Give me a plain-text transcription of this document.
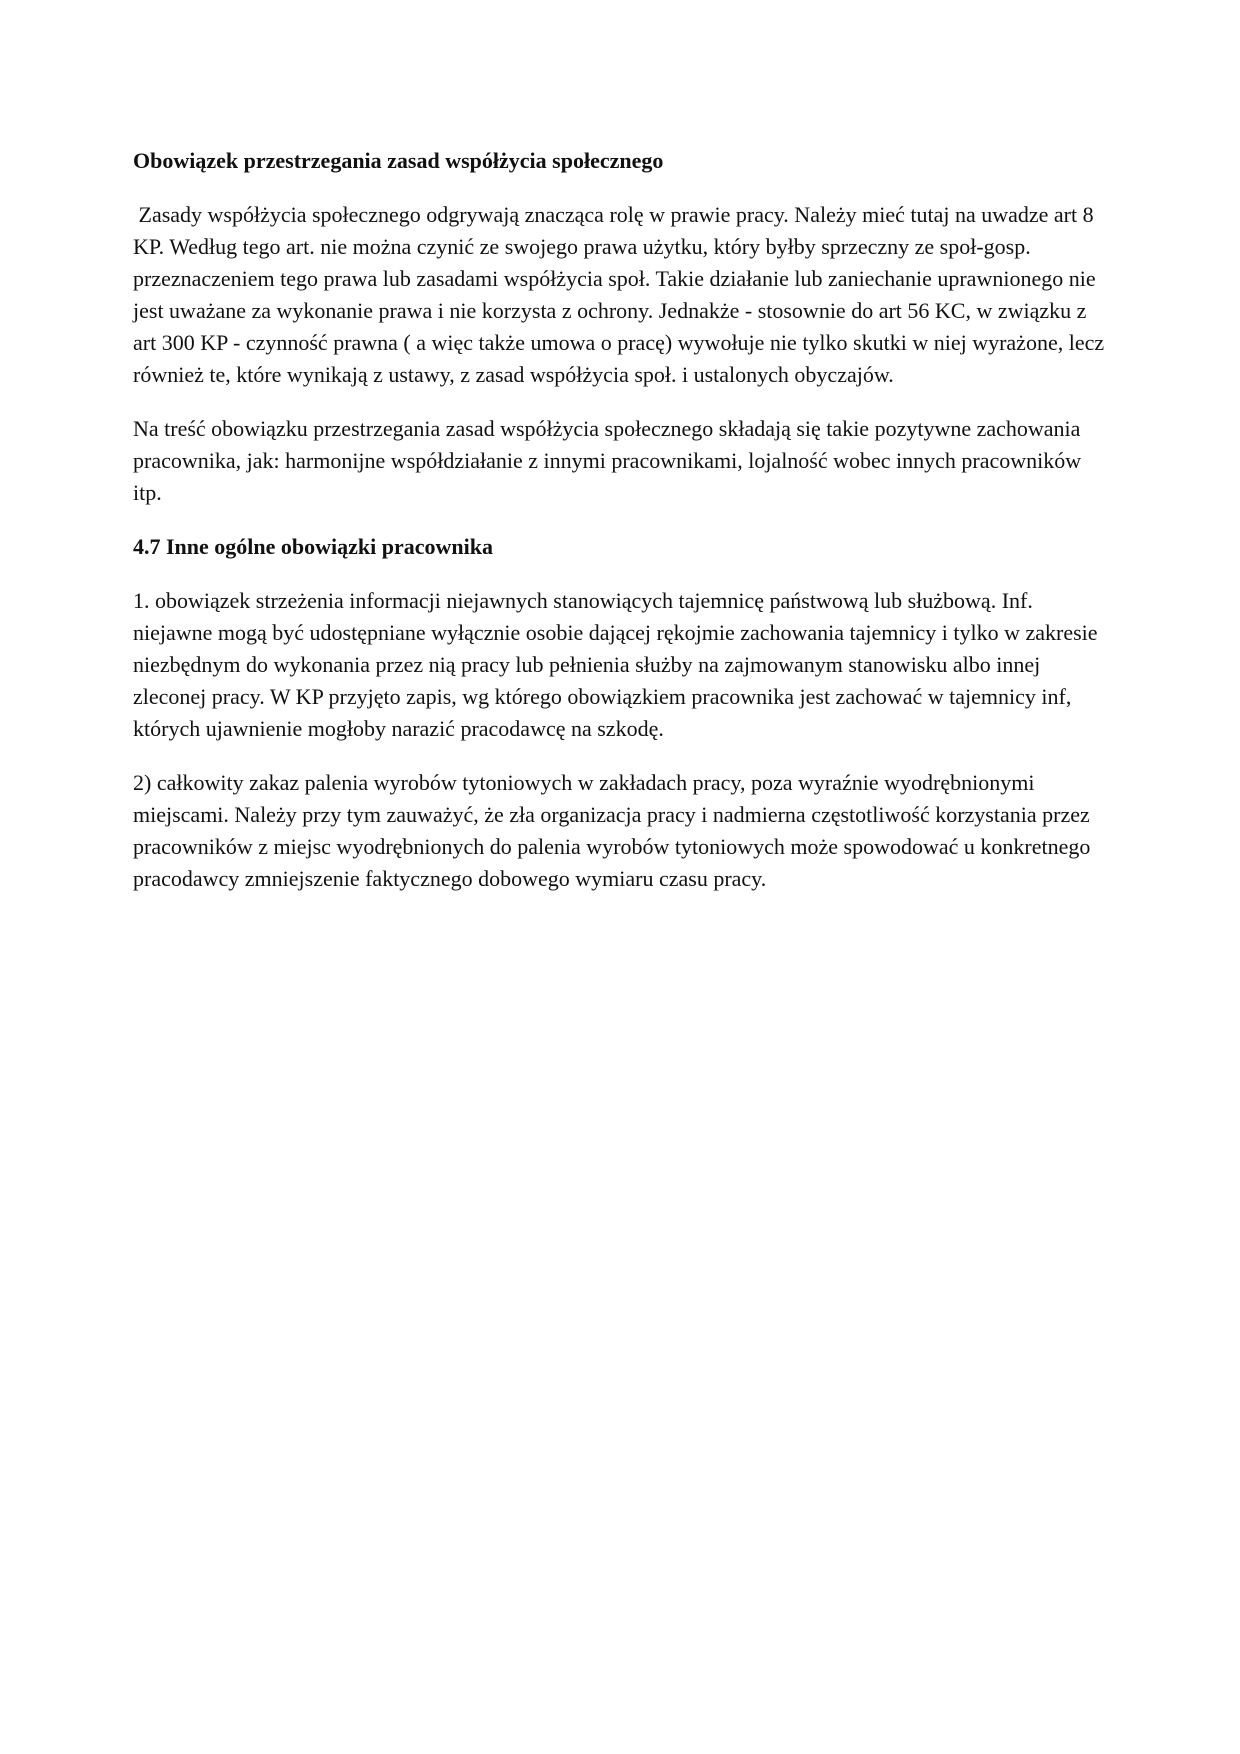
Obowiązek przestrzegania zasad współżycia społecznego

Zasady współżycia społecznego odgrywają znacząca rolę w prawie pracy. Należy mieć tutaj na uwadze art 8 KP. Według tego art. nie można czynić ze swojego prawa użytku, który byłby sprzeczny ze społ-gosp. przeznaczeniem tego prawa lub zasadami współżycia społ. Takie działanie lub zaniechanie uprawnionego nie jest uważane za wykonanie prawa i nie korzysta z ochrony. Jednakże - stosownie do art 56 KC, w związku z art 300 KP - czynność prawna ( a więc także umowa o pracę) wywołuje nie tylko skutki w niej wyrażone, lecz również te, które wynikają z ustawy, z zasad współżycia społ. i ustalonych obyczajów.

Na treść obowiązku przestrzegania zasad współżycia społecznego składają się takie pozytywne zachowania pracownika, jak: harmonijne współdziałanie z innymi pracownikami, lojalność wobec innych pracowników itp.

4.7 Inne ogólne obowiązki pracownika

1. obowiązek strzeżenia informacji niejawnych stanowiących tajemnicę państwową lub służbową. Inf. niejawne mogą być udostępniane wyłącznie osobie dającej rękojmie zachowania tajemnicy i tylko w zakresie niezbędnym do wykonania przez nią pracy lub pełnienia służby na zajmowanym stanowisku albo innej zleconej pracy. W KP przyjęto zapis, wg którego obowiązkiem pracownika jest zachować w tajemnicy inf, których ujawnienie mogłoby narazić pracodawcę na szkodę.

2) całkowity zakaz palenia wyrobów tytoniowych w zakładach pracy, poza wyraźnie wyodrębnionymi miejscami. Należy przy tym zauważyć, że zła organizacja pracy i nadmierna częstotliwość korzystania przez pracowników z miejsc wyodrębnionych do palenia wyrobów tytoniowych może spowodować u konkretnego pracodawcy zmniejszenie faktycznego dobowego wymiaru czasu pracy.
